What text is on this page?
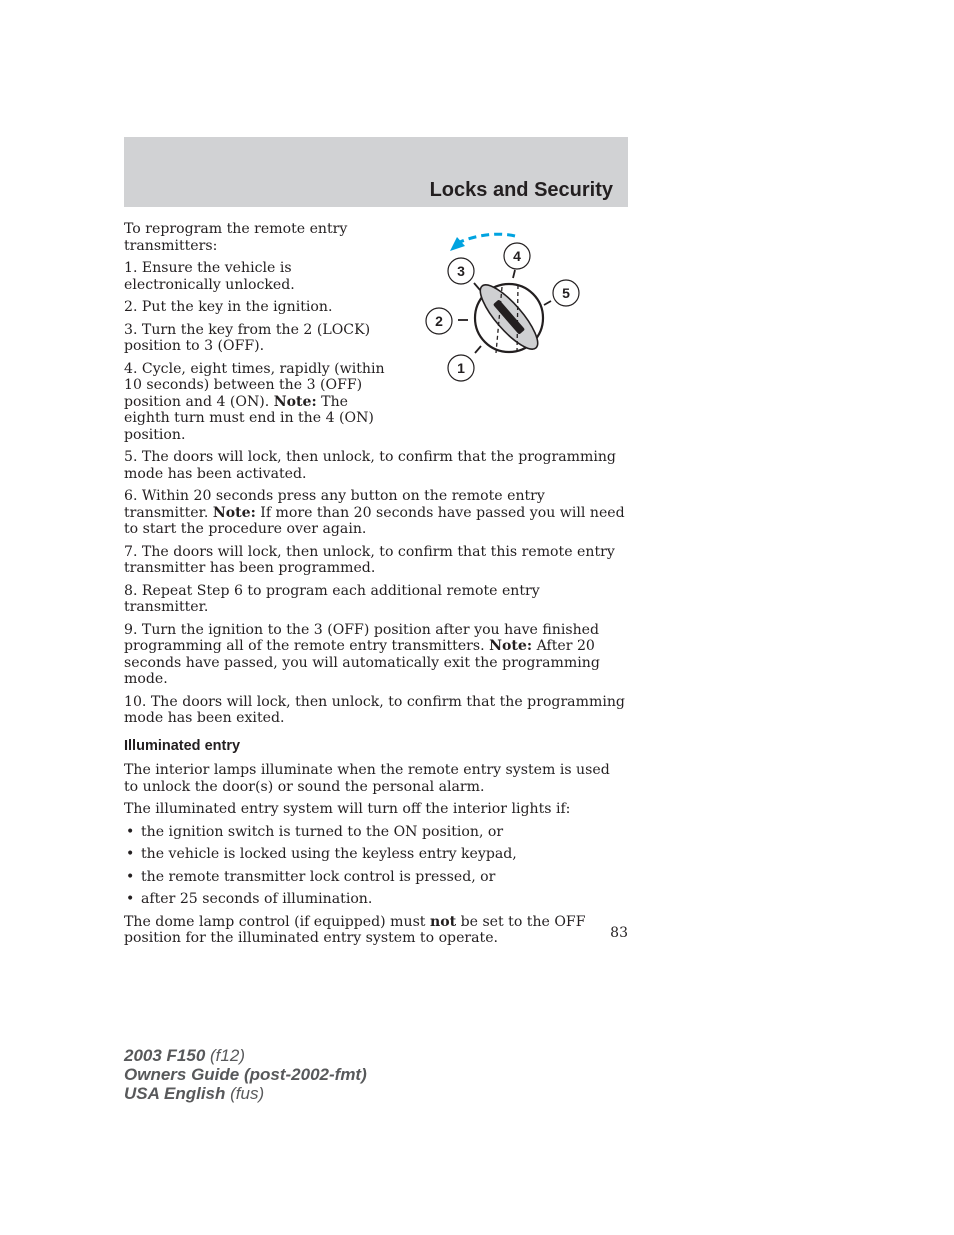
Locks and Security
3
4
5
2
1

To reprogram the remote entry transmitters:

1. Ensure the vehicle is electronically unlocked.

2. Put the key in the ignition.

3. Turn the key from the 2 (LOCK) position to 3 (OFF).

4. Cycle, eight times, rapidly (within 10 seconds) between the 3 (OFF) position and 4 (ON). Note: The eighth turn must end in the 4 (ON) position.

5. The doors will lock, then unlock, to confirm that the programming mode has been activated.

6. Within 20 seconds press any button on the remote entry transmitter. Note: If more than 20 seconds have passed you will need to start the procedure over again.

7. The doors will lock, then unlock, to confirm that this remote entry transmitter has been programmed.

8. Repeat Step 6 to program each additional remote entry transmitter.

9. Turn the ignition to the 3 (OFF) position after you have finished programming all of the remote entry transmitters. Note: After 20 seconds have passed, you will automatically exit the programming mode.

10. The doors will lock, then unlock, to confirm that the programming mode has been exited.

Illuminated entry

The interior lamps illuminate when the remote entry system is used to unlock the door(s) or sound the personal alarm.

The illuminated entry system will turn off the interior lights if:

• the ignition switch is turned to the ON position, or
• the vehicle is locked using the keyless entry keypad,
• the remote transmitter lock control is pressed, or
• after 25 seconds of illumination.

The dome lamp control (if equipped) must not be set to the OFF position for the illuminated entry system to operate.	83
2003 F150 (f12)
Owners Guide (post-2002-fmt)
USA English (fus)
